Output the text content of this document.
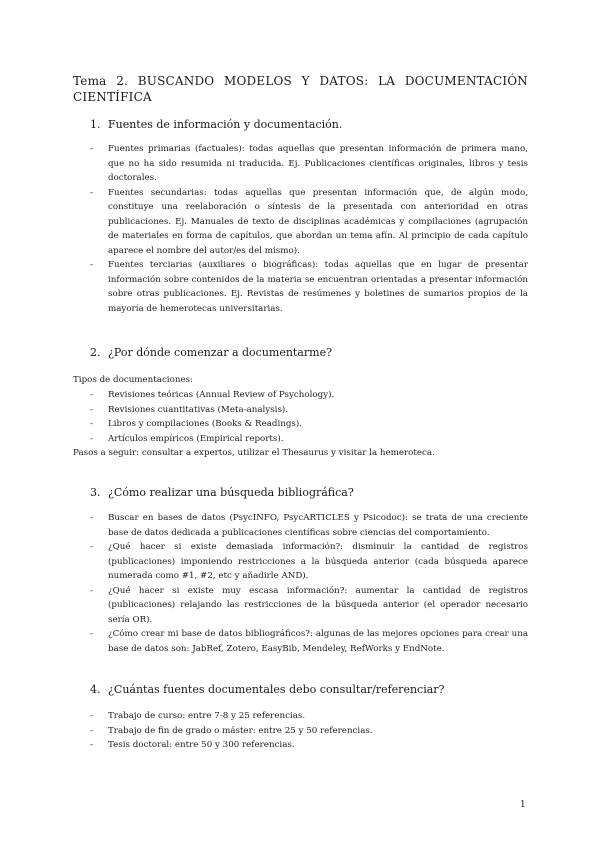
Tema 2. BUSCANDO MODELOS Y DATOS: LA DOCUMENTACIÓN CIENTÍFICA
1. Fuentes de información y documentación.
- Fuentes primarias (factuales): todas aquellas que presentan información de primera mano, que no ha sido resumida ni traducida. Ej. Publicaciones científicas originales, libros y tesis doctorales.
- Fuentes secundarias: todas aquellas que presentan información que, de algún modo, constituye una reelaboración o síntesis de la presentada con anterioridad en otras publicaciones. Ej. Manuales de texto de disciplinas académicas y compilaciones (agrupación de materiales en forma de capítulos, que abordan un tema afín. Al principio de cada capítulo aparece el nombre del autor/es del mismo).
- Fuentes terciarias (auxiliares o biográficas): todas aquellas que en lugar de presentar información sobre contenidos de la materia se encuentran orientadas a presentar información sobre otras publicaciones. Ej. Revistas de resúmenes y boletines de sumarios propios de la mayoría de hemerotecas universitarias.
2. ¿Por dónde comenzar a documentarme?

Tipos de documentaciones:

- Revisiones teóricas (Annual Review of Psychology).
- Revisiones cuantitativas (Meta-analysis).
- Libros y compilaciones (Books & Readings).
- Artículos empíricos (Empirical reports).

Pasos a seguir: consultar a expertos, utilizar el Thesaurus y visitar la hemeroteca.

3. ¿Cómo realizar una búsqueda bibliográfica?
- Buscar en bases de datos (PsycINFO, PsycARTICLES y Psicodoc): se trata de una creciente base de datos dedicada a publicaciones científicas sobre ciencias del comportamiento.
- ¿Qué hacer si existe demasiada información?: disminuir la cantidad de registros (publicaciones) imponiendo restricciones a la búsqueda anterior (cada búsqueda aparece numerada como #1, #2, etc y añadirle AND).
- ¿Qué hacer si existe muy escasa información?: aumentar la cantidad de registros (publicaciones) relajando las restricciones de la búsqueda anterior (el operador necesario sería OR).
- ¿Cómo crear mi base de datos bibliográficos?: algunas de las mejores opciones para crear una base de datos son: JabRef, Zotero, EasyBib, Mendeley, RefWorks y EndNote.
4. ¿Cuántas fuentes documentales debo consultar/referenciar?
- Trabajo de curso: entre 7-8 y 25 referencias.
- Trabajo de fin de grado o máster: entre 25 y 50 referencias.
- Tesis doctoral: entre 50 y 300 referencias.
1
